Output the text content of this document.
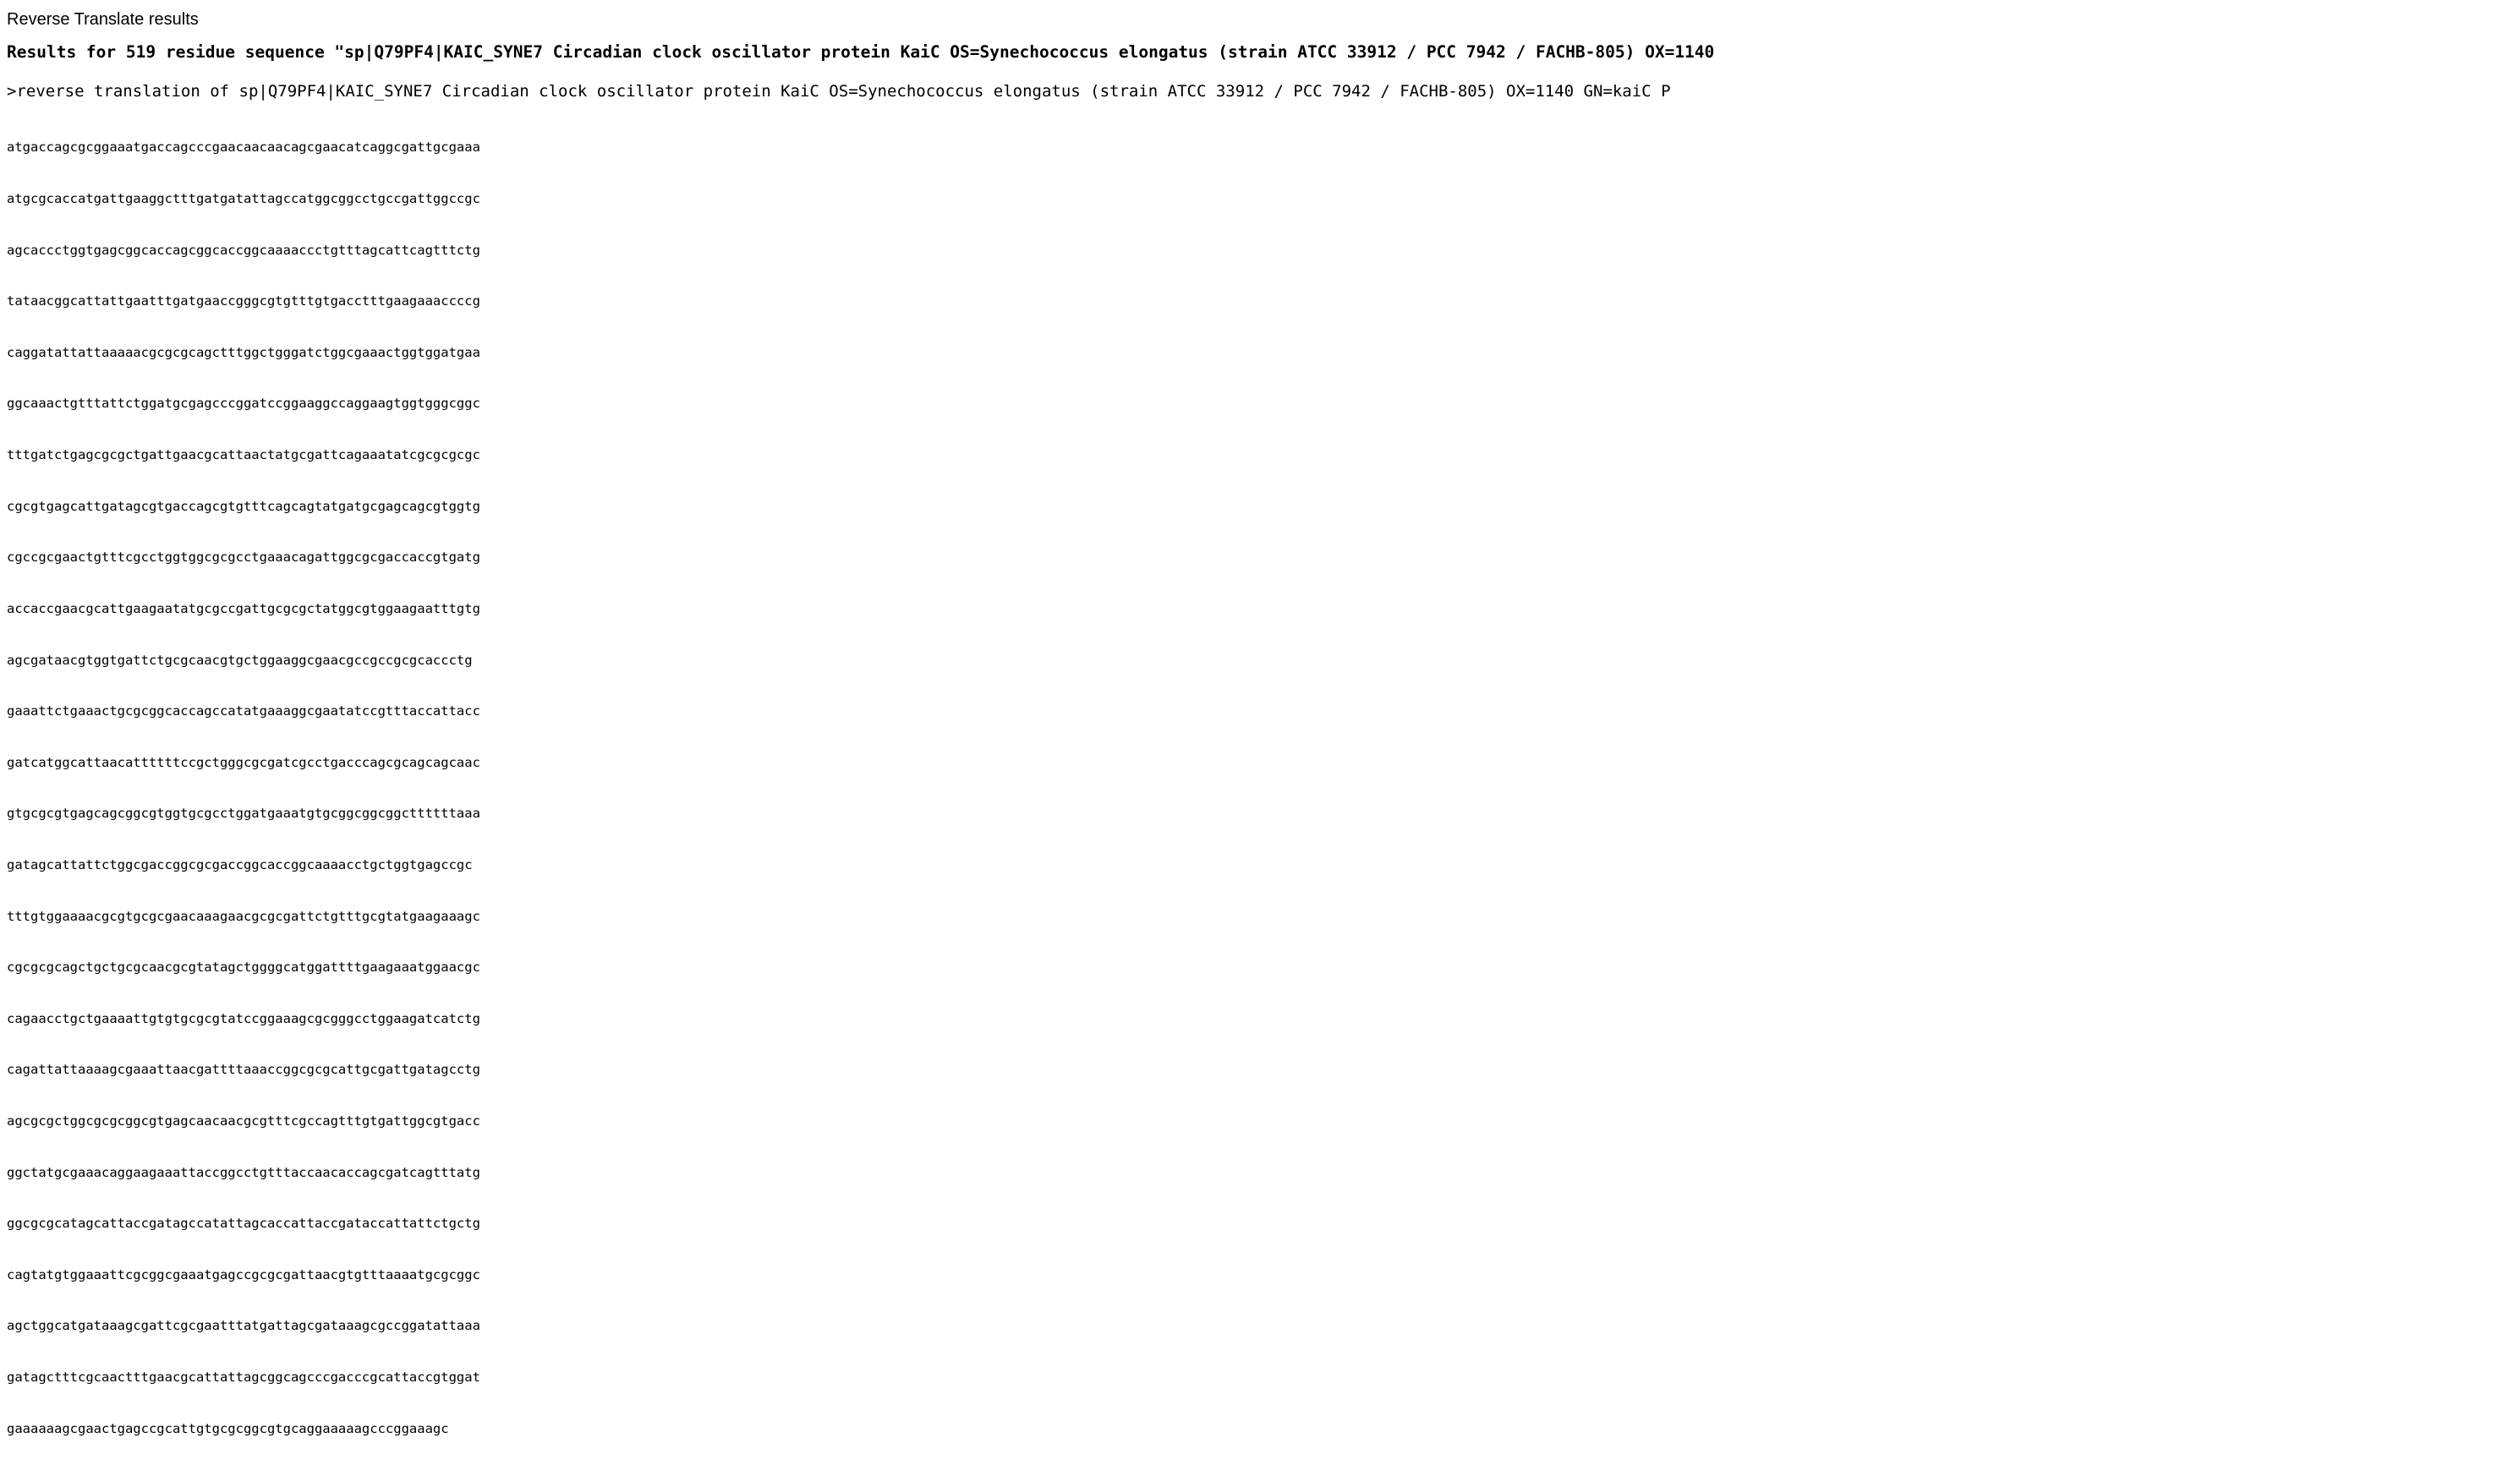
Reverse Translate results
Results for 519 residue sequence "sp|Q79PF4|KAIC_SYNE7 Circadian clock oscillator protein KaiC OS=Synechococcus elongatus (strain ATCC 33912 / PCC 7942 / FACHB-805) OX=1140
>reverse translation of sp|Q79PF4|KAIC_SYNE7 Circadian clock oscillator protein KaiC OS=Synechococcus elongatus (strain ATCC 33912 / PCC 7942 / FACHB-805) OX=1140 GN=kaiC P

atgaccagcgcggaaatgaccagcccgaacaacaacagcgaacatcaggcgattgcgaaa

atgcgcaccatgattgaaggctttgatgatattagccatggcggcctgccgattggccgc

agcaccctggtgagcggcaccagcggcaccggcaaaaccctgtttagcattcagtttctg

tataacggcattattgaatttgatgaaccgggcgtgtttgtgacctttgaagaaaccccg

caggatattattaaaaacgcgcgcagctttggctgggatctggcgaaactggtggatgaa

ggcaaactgtttattctggatgcgagcccggatccggaaggccaggaagtggtgggcggc

tttgatctgagcgcgctgattgaacgcattaactatgcgattcagaaatatcgcgcgcgc

cgcgtgagcattgatagcgtgaccagcgtgtttcagcagtatgatgcgagcagcgtggtg

cgccgcgaactgtttcgcctggtggcgcgcctgaaacagattggcgcgaccaccgtgatg

accaccgaacgcattgaagaatatgcgccgattgcgcgctatggcgtggaagaatttgtg

agcgataacgtggtgattctgcgcaacgtgctggaaggcgaacgccgccgcgcaccctg

gaaattctgaaactgcgcggcaccagccatatgaaaggcgaatatccgtttaccattacc

gatcatggcattaacattttttccgctgggcgcgatcgcctgacccagcgcagcagcaac

gtgcgcgtgagcagcggcgtggtgcgcctggatgaaatgtgcggcggcggcttttttaaa

gatagcattattctggcgaccggcgcgaccggcaccggcaaaacctgctggtgagccgc

tttgtggaaaacgcgtgcgcgaacaaagaacgcgcgattctgtttgcgtatgaagaaagc

cgcgcgcagctgctgcgcaacgcgtatagctggggcatggattttgaagaaatggaacgc

cagaacctgctgaaaattgtgtgcgcgtatccggaaagcgcgggcctggaagatcatctg

cagattattaaaagcgaaattaacgattttaaaccggcgcgcattgcgattgatagcctg

agcgcgctggcgcgcggcgtgagcaacaacgcgtttcgccagtttgtgattggcgtgacc

ggctatgcgaaacaggaagaaattaccggcctgtttaccaacaccagcgatcagtttatg

ggcgcgcatagcattaccgatagccatattagcaccattaccgataccattattctgctg

cagtatgtggaaattcgcggcgaaatgagccgcgcgattaacgtgtttaaaatgcgcggc

agctggcatgataaagcgattcgcgaatttatgattagcgataaagcgccggatattaaa

gatagctttcgcaactttgaacgcattattagcggcagcccgacccgcattaccgtggat

gaaaaaagcgaactgagccgcattgtgcgcggcgtgcaggaaaaagcccggaaagc
